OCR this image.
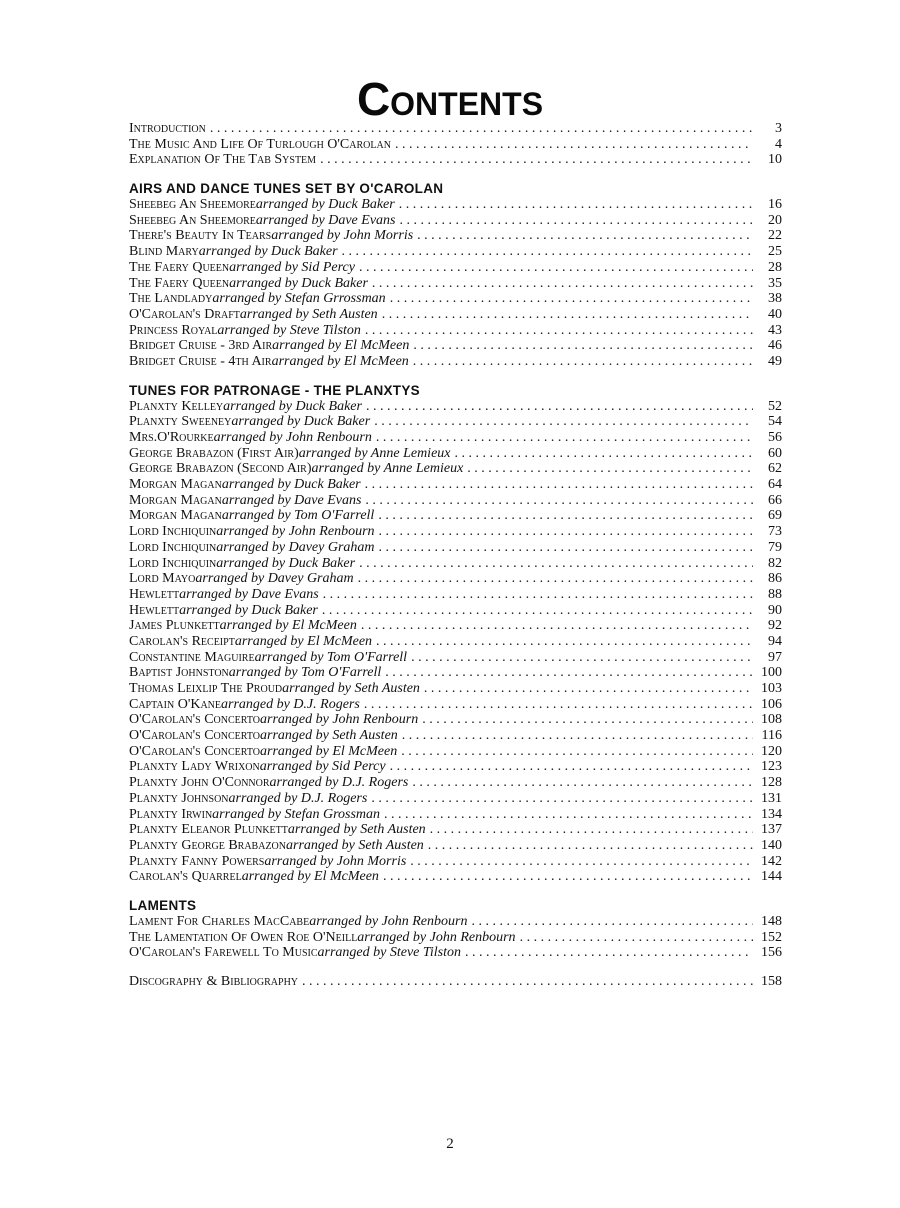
Contents
Introduction . . .	3
The Music And Life Of Turlough O'Carolan . . .	4
Explanation Of The Tab System . . .	10
AIRS AND DANCE TUNES SET BY O'CAROLAN
Sheebeg An Sheemore arranged by Duck Baker . . .	16
Sheebeg An Sheemore arranged by Dave Evans . . .	20
There's Beauty In Tears arranged by John Morris . . .	22
Blind Mary arranged by Duck Baker . . .	25
The Faery Queen arranged by Sid Percy . . .	28
The Faery Queen arranged by Duck Baker . . .	35
The Landlady arranged by Stefan Grrossman . . .	38
O'Carolan's Draft arranged by Seth Austen . . .	40
Princess Royal arranged by Steve Tilston . . .	43
Bridget Cruise - 3rd Air arranged by El McMeen . . .	46
Bridget Cruise - 4th Air arranged by El McMeen . . .	49
TUNES FOR PATRONAGE - THE PLANXTYS
Planxty Kelley arranged by Duck Baker . . .	52
Planxty Sweeney arranged by Duck Baker . . .	54
Mrs.O'Rourke arranged by John Renbourn . . .	56
George Brabazon (First Air) arranged by Anne Lemieux . . .	60
George Brabazon (Second Air) arranged by Anne Lemieux . . .	62
Morgan Magan arranged by Duck Baker . . .	64
Morgan Magan arranged by Dave Evans . . .	66
Morgan Magan arranged by Tom O'Farrell . . .	69
Lord Inchiquin arranged by John Renbourn . . .	73
Lord Inchiquin arranged by Davey Graham . . .	79
Lord Inchiquin arranged by Duck Baker . . .	82
Lord Mayo arranged by Davey Graham . . .	86
Hewlett arranged by Dave Evans . . .	88
Hewlett arranged by Duck Baker . . .	90
James Plunkett arranged by El McMeen . . .	92
Carolan's Receipt arranged by El McMeen . . .	94
Constantine Maguire arranged by Tom O'Farrell . . .	97
Baptist Johnston arranged by Tom O'Farrell . . .	100
Thomas Leixlip The Proud arranged by Seth Austen . . .	103
Captain O'Kane arranged by D.J. Rogers . . .	106
O'Carolan's Concerto arranged by John Renbourn . . .	108
O'Carolan's Concerto arranged by Seth Austen . . .	116
O'Carolan's Concerto arranged by El McMeen . . .	120
Planxty Lady Wrixon arranged by Sid Percy . . .	123
Planxty John O'Connor arranged by D.J. Rogers . . .	128
Planxty Johnson arranged by D.J. Rogers . . .	131
Planxty Irwin arranged by Stefan Grossman . . .	134
Planxty Eleanor Plunkett arranged by Seth Austen . . .	137
Planxty George Brabazon arranged by Seth Austen . . .	140
Planxty Fanny Powers arranged by John Morris . . .	142
Carolan's Quarrel arranged by El McMeen . . .	144
LAMENTS
Lament For Charles MacCabe arranged by John Renbourn . . .	148
The Lamentation Of Owen Roe O'Neill arranged by John Renbourn . . .	152
O'Carolan's Farewell To Music arranged by Steve Tilston . . .	156
Discography & Bibliography . . .	158
2
